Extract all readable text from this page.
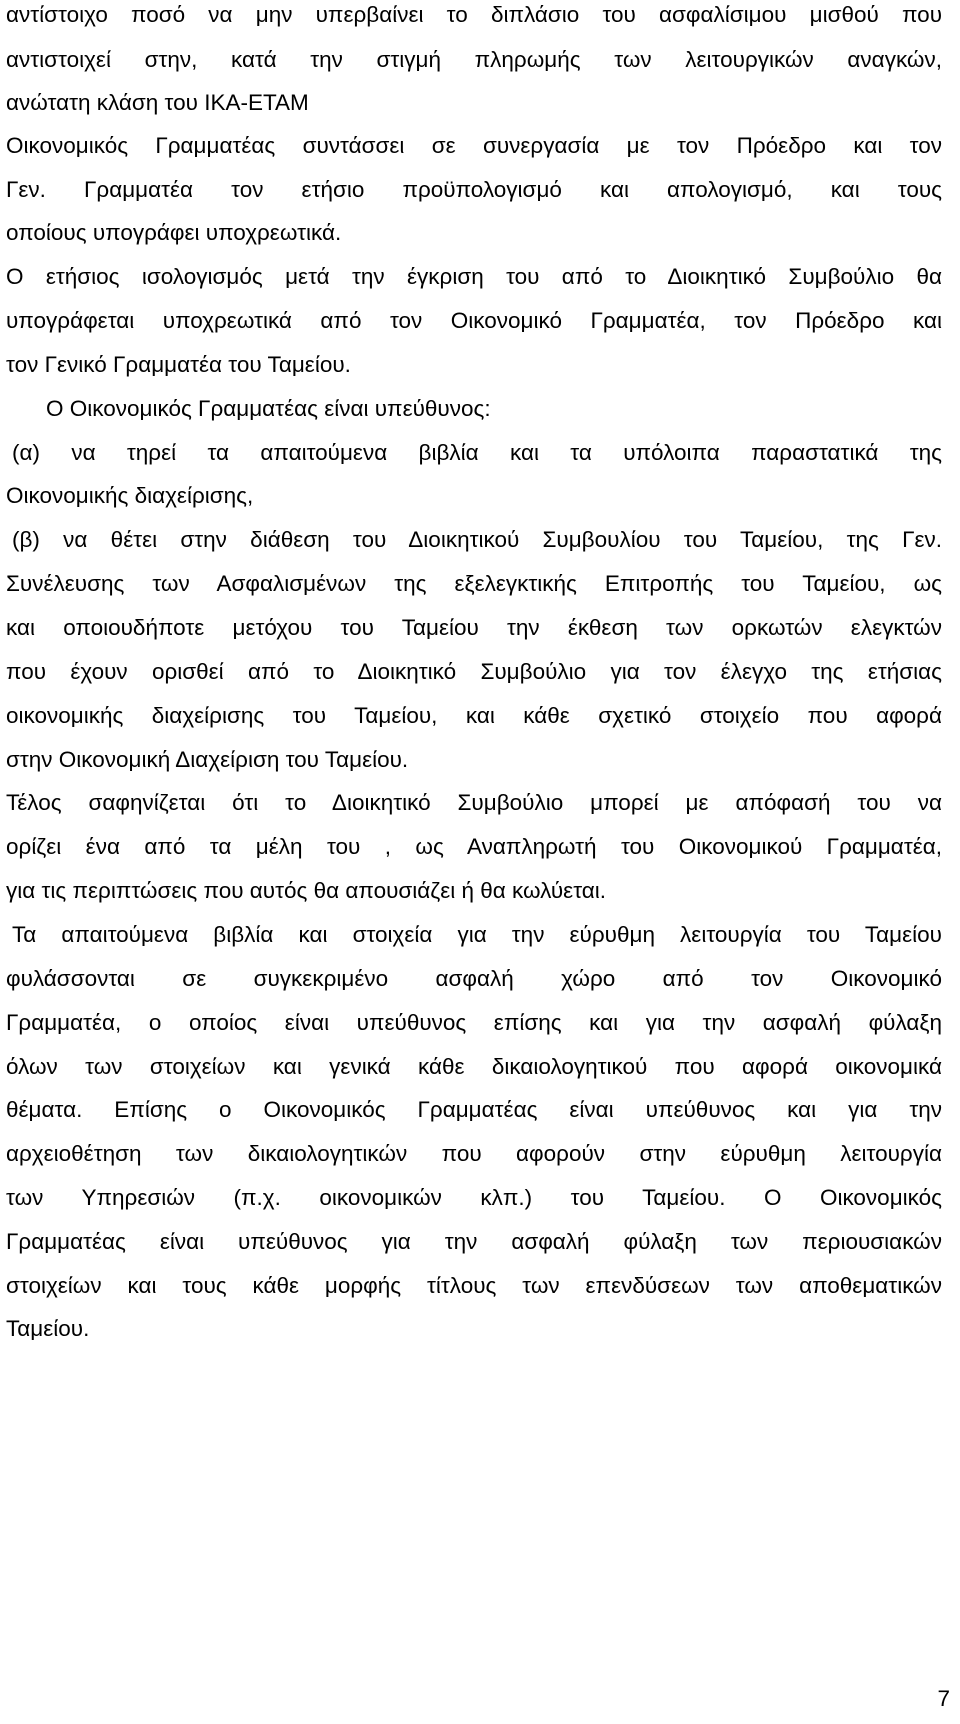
αντίστοιχο ποσό να μην υπερβαίνει το διπλάσιο του ασφαλίσιμου μισθού που
αντιστοιχεί στην, κατά την στιγμή πληρωμής των λειτουργικών αναγκών,
ανώτατη κλάση του ΙΚΑ-ΕΤΑΜ
Οικονομικός Γραμματέας συντάσσει σε συνεργασία με τον Πρόεδρο και τον
Γεν. Γραμματέα τον ετήσιο προϋπολογισμό και απολογισμό, και τους
οποίους υπογράφει υποχρεωτικά.
Ο ετήσιος ισολογισμός μετά την έγκριση του από το Διοικητικό Συμβούλιο θα
υπογράφεται υποχρεωτικά από τον Οικονομικό Γραμματέα, τον Πρόεδρο και
τον Γενικό Γραμματέα του Ταμείου.
Ο Οικονομικός Γραμματέας είναι υπεύθυνος:
(α) να τηρεί τα απαιτούμενα βιβλία και τα υπόλοιπα παραστατικά της
Οικονομικής διαχείρισης,
(β) να θέτει στην διάθεση του Διοικητικού Συμβουλίου του Ταμείου, της Γεν.
Συνέλευσης των Ασφαλισμένων της εξελεγκτικής Επιτροπής του Ταμείου, ως
και οποιουδήποτε μετόχου του Ταμείου την έκθεση των ορκωτών ελεγκτών
που έχουν ορισθεί από το Διοικητικό Συμβούλιο για τον έλεγχο της ετήσιας
οικονομικής διαχείρισης του Ταμείου, και κάθε σχετικό στοιχείο που αφορά
στην Οικονομική Διαχείριση του Ταμείου.
Τέλος σαφηνίζεται ότι το Διοικητικό Συμβούλιο μπορεί με απόφασή του να
ορίζει ένα από τα μέλη του , ως Αναπληρωτή του Οικονομικού Γραμματέα,
για τις περιπτώσεις που αυτός θα απουσιάζει ή θα κωλύεται.
Τα απαιτούμενα βιβλία και στοιχεία για την εύρυθμη λειτουργία του Ταμείου
φυλάσσονται σε συγκεκριμένο ασφαλή χώρο από τον Οικονομικό
Γραμματέα, ο οποίος είναι υπεύθυνος επίσης και για την ασφαλή φύλαξη
όλων των στοιχείων και γενικά κάθε δικαιολογητικού που αφορά οικονομικά
θέματα. Επίσης ο Οικονομικός Γραμματέας είναι υπεύθυνος και για την
αρχειοθέτηση των δικαιολογητικών που αφορούν στην εύρυθμη λειτουργία
των Υπηρεσιών (π.χ. οικονομικών κλπ.) του Ταμείου. Ο Οικονομικός
Γραμματέας είναι υπεύθυνος για την ασφαλή φύλαξη των περιουσιακών
στοιχείων και τους κάθε μορφής τίτλους των επενδύσεων των αποθεματικών
Ταμείου.
7
